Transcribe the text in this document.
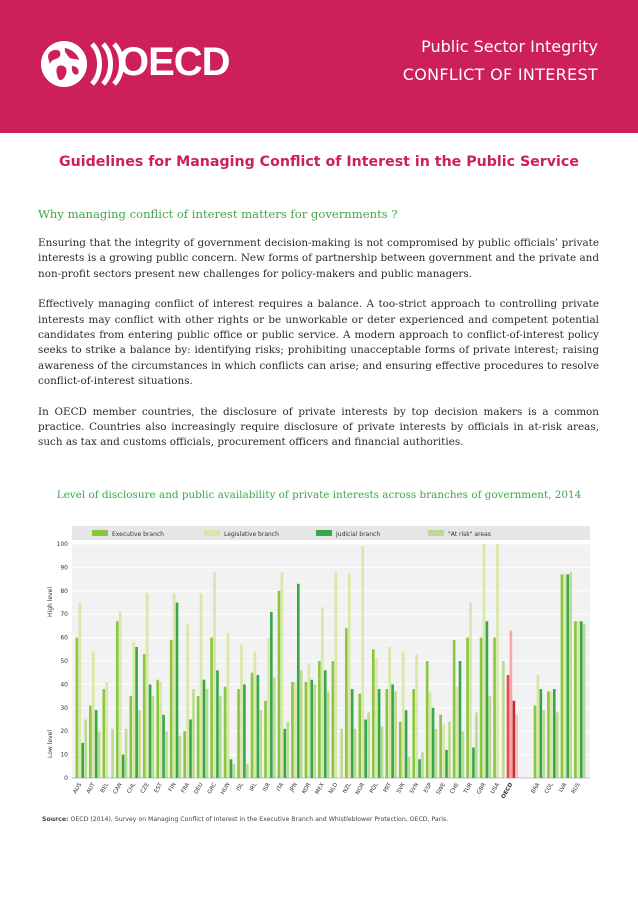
OECD	Public Sector Integrity
CONFLICT OF INTEREST
Guidelines for Managing Conflict of Interest in the Public Service
Why managing conflict of interest matters for governments ?

Ensuring that the integrity of government decision-making is not compromised by public officials’ private interests is a growing public concern. New forms of partnership between government and the private and non-profit sectors present new challenges for policy-makers and public managers.

Effectively managing conflict of interest requires a balance. A too-strict approach to controlling private interests may conflict with other rights or be unworkable or deter experienced and competent potential candidates from entering public office or public service. A modern approach to conflict-of-interest policy seeks to strike a balance by: identifying risks; prohibiting unacceptable forms of private interest; raising awareness of the circumstances in which conflicts can arise; and ensuring effective procedures to resolve conflict-of-interest situations.

In OECD member countries, the disclosure of private interests by top decision makers is a common practice. Countries also increasingly require disclosure of private interests by officials in at-risk areas, such as tax and customs officials, procurement officers and financial authorities.

Level of disclosure and public availability of private interests across branches of government, 2014
Executive branch	Legislative branch	Judicial branch	"At risk" areas
0
10
20
30
40
50
60
70
80
90
100
High level
Low level
AUS AUT BEL CAN CHL CZE EST FIN FRA DEU GRC HUN ISL IRL ISR ITA JPN KOR MEX NLD NZL NOR POL PRT SVK SVN ESP SWE CHE TUR GBR USA OECD	BRA COL LVA RUS
Source: OECD (2014), Survey on Managing Conflict of Interest in the Executive Branch and Whistleblower Protection, OECD, Paris.
